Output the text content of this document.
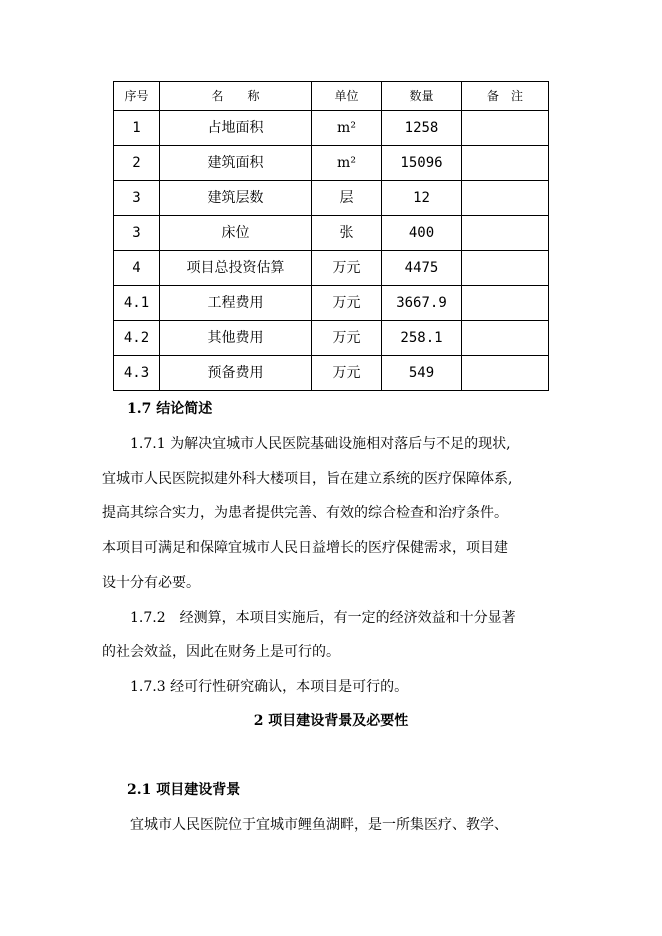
序号	名　　称	单位	数量	备　注
1	占地面积	m²	1258	
2	建筑面积	m²	15096	
3	建筑层数	层	12	
3	床位	张	400	
4	项目总投资估算	万元	4475	
4.1	工程费用	万元	3667.9	
4.2	其他费用	万元	258.1	
4.3	预备费用	万元	549	
1.7 结论简述
1.7.1 为解决宜城市人民医院基础设施相对落后与不足的现状,
宜城市人民医院拟建外科大楼项目，旨在建立系统的医疗保障体系,
提高其综合实力，为患者提供完善、有效的综合检查和治疗条件。
本项目可满足和保障宜城市人民日益增长的医疗保健需求，项目建
设十分有必要。
1.7.2　经测算，本项目实施后，有一定的经济效益和十分显著
的社会效益，因此在财务上是可行的。
1.7.3 经可行性研究确认，本项目是可行的。
2 项目建设背景及必要性
2.1 项目建设背景
宜城市人民医院位于宜城市鲤鱼湖畔，是一所集医疗、教学、
